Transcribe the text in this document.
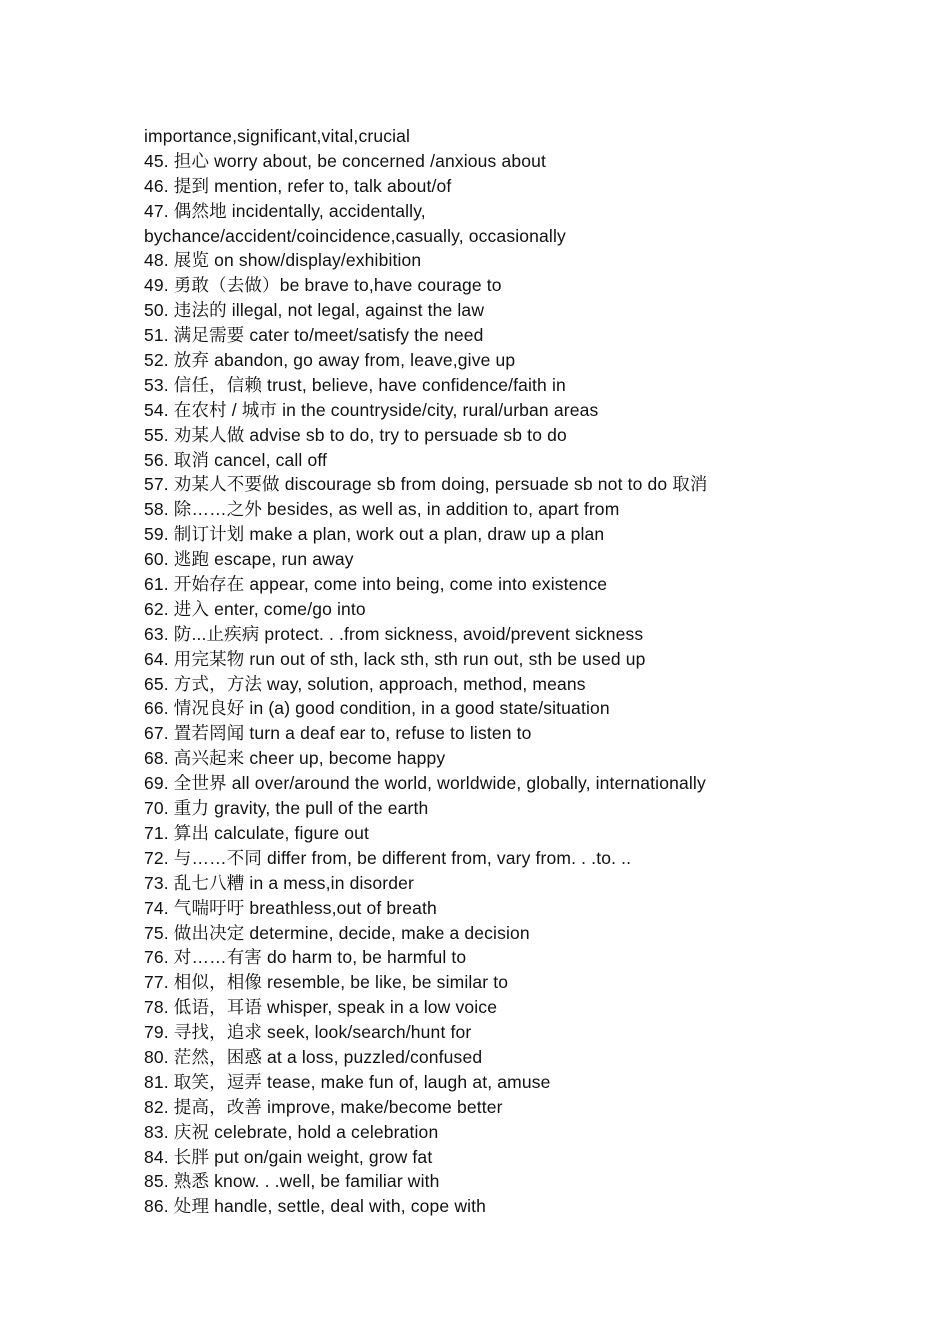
importance,significant,vital,crucial
45. 担心 worry about, be concerned /anxious about
46. 提到 mention, refer to, talk about/of
47. 偶然地 incidentally, accidentally,
bychance/accident/coincidence,casually, occasionally
48. 展览 on show/display/exhibition
49. 勇敢（去做）be brave to,have courage to
50. 违法的 illegal, not legal, against the law
51. 满足需要 cater to/meet/satisfy the need
52. 放弃 abandon, go away from, leave,give up
53. 信任，信赖 trust, believe, have confidence/faith in
54. 在农村 / 城市 in the countryside/city, rural/urban areas
55. 劝某人做 advise sb to do, try to persuade sb to do
56. 取消 cancel, call off
57. 劝某人不要做 discourage sb from doing, persuade sb not to do 取消
58. 除……之外 besides, as well as, in addition to, apart from
59. 制订计划 make a plan, work out a plan, draw up a plan
60. 逃跑 escape, run away
61. 开始存在 appear, come into being, come into existence
62. 进入 enter, come/go into
63. 防...止疾病 protect. . .from sickness, avoid/prevent sickness
64. 用完某物 run out of sth, lack sth, sth run out, sth be used up
65. 方式，方法 way, solution, approach, method, means
66. 情况良好 in (a) good condition, in a good state/situation
67. 置若罔闻 turn a deaf ear to, refuse to listen to
68. 高兴起来 cheer up, become happy
69. 全世界 all over/around the world, worldwide, globally, internationally
70. 重力 gravity, the pull of the earth
71. 算出 calculate, figure out
72. 与……不同 differ from, be different from, vary from. . .to. ..
73. 乱七八糟 in a mess,in disorder
74. 气喘吁吁 breathless,out of breath
75. 做出决定 determine, decide, make a decision
76. 对……有害 do harm to, be harmful to
77. 相似，相像 resemble, be like, be similar to
78. 低语，耳语 whisper, speak in a low voice
79. 寻找，追求 seek, look/search/hunt for
80. 茫然，困惑 at a loss, puzzled/confused
81. 取笑，逗弄 tease, make fun of, laugh at, amuse
82. 提高，改善 improve, make/become better
83. 庆祝 celebrate, hold a celebration
84. 长胖 put on/gain weight, grow fat
85. 熟悉 know. . .well, be familiar with
86. 处理 handle, settle, deal with, cope with
